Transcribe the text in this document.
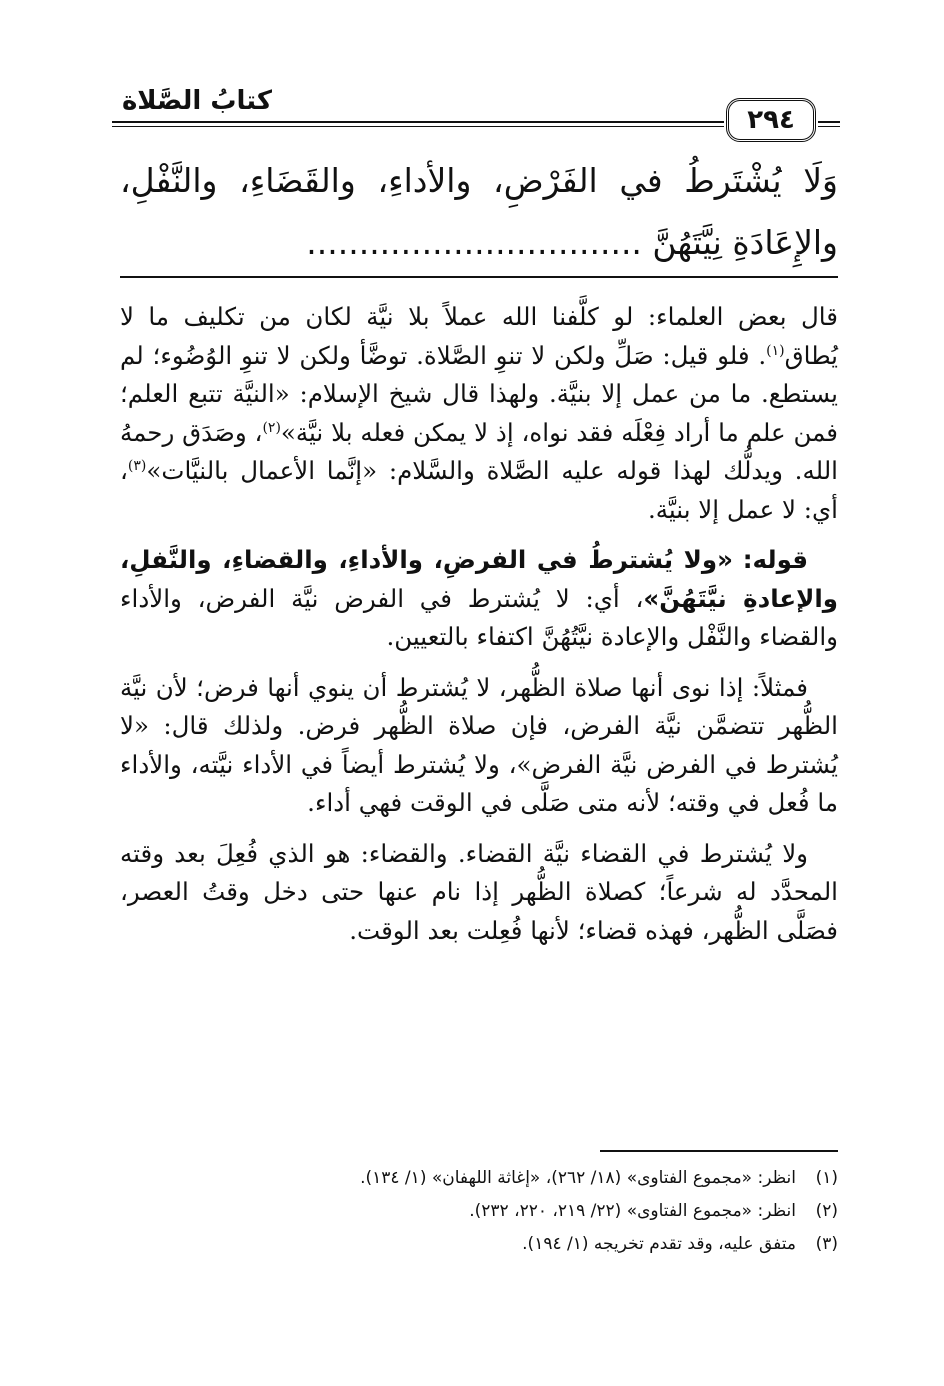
كتابُ الصَّلاة
٢٩٤
وَلَا يُشْتَرطُ في الفَرْضِ، والأداءِ، والقَضَاءِ، والنَّفْلِ، والإِعَادَةِ نِيَّتَهُنَّ ................................

قال بعض العلماء: لو كلَّفنا الله عملاً بلا نيَّة لكان من تكليف ما لا يُطاق$^{(١)}$. فلو قيل: صَلِّ ولكن لا تنوِ الصَّلاة. توضَّأ ولكن لا تنوِ الوُضُوء؛ لم يستطع. ما من عمل إلا بنيَّة. ولهذا قال شيخ الإسلام: «النيَّة تتبع العلم؛ فمن علم ما أراد فِعْلَه فقد نواه، إذ لا يمكن فعله بلا نيَّة»$^{(٢)}$، وصَدَق رحمهُ الله. ويدلُّك لهذا قوله عليه الصَّلاة والسَّلام: «إنَّما الأعمال بالنيَّات»$^{(٣)}$، أي: لا عمل إلا بنيَّة.

قوله: «ولا يُشترطُ في الفرضِ، والأداءِ، والقضاءِ، والنَّفلِ، والإعادةِ نيَّتَهُنَّ»، أي: لا يُشترط في الفرض نيَّة الفرض، والأداء والقضاء والنَّفْل والإعادة نيَّتُهُنَّ اكتفاء بالتعيين.

فمثلاً: إذا نوى أنها صلاة الظُّهر، لا يُشترط أن ينوي أنها فرض؛ لأن نيَّة الظُّهر تتضمَّن نيَّة الفرض، فإن صلاة الظُّهر فرض. ولذلك قال: «لا يُشترط في الفرض نيَّة الفرض»، ولا يُشترط أيضاً في الأداء نيَّته، والأداء ما فُعل في وقته؛ لأنه متى صَلَّى في الوقت فهي أداء.

ولا يُشترط في القضاء نيَّة القضاء. والقضاء: هو الذي فُعِلَ بعد وقته المحدَّد له شرعاً؛ كصلاة الظُّهر إذا نام عنها حتى دخل وقتُ العصر، فصَلَّى الظُّهر، فهذه قضاء؛ لأنها فُعِلت بعد الوقت.

(١)انظر: «مجموع الفتاوى» (١٨/ ٢٦٢)، «إغاثة اللهفان» (١/ ١٣٤).
(٢)انظر: «مجموع الفتاوى» (٢٢/ ٢١٩، ٢٢٠، ٢٣٢).
(٣)متفق عليه، وقد تقدم تخريجه (١/ ١٩٤).
